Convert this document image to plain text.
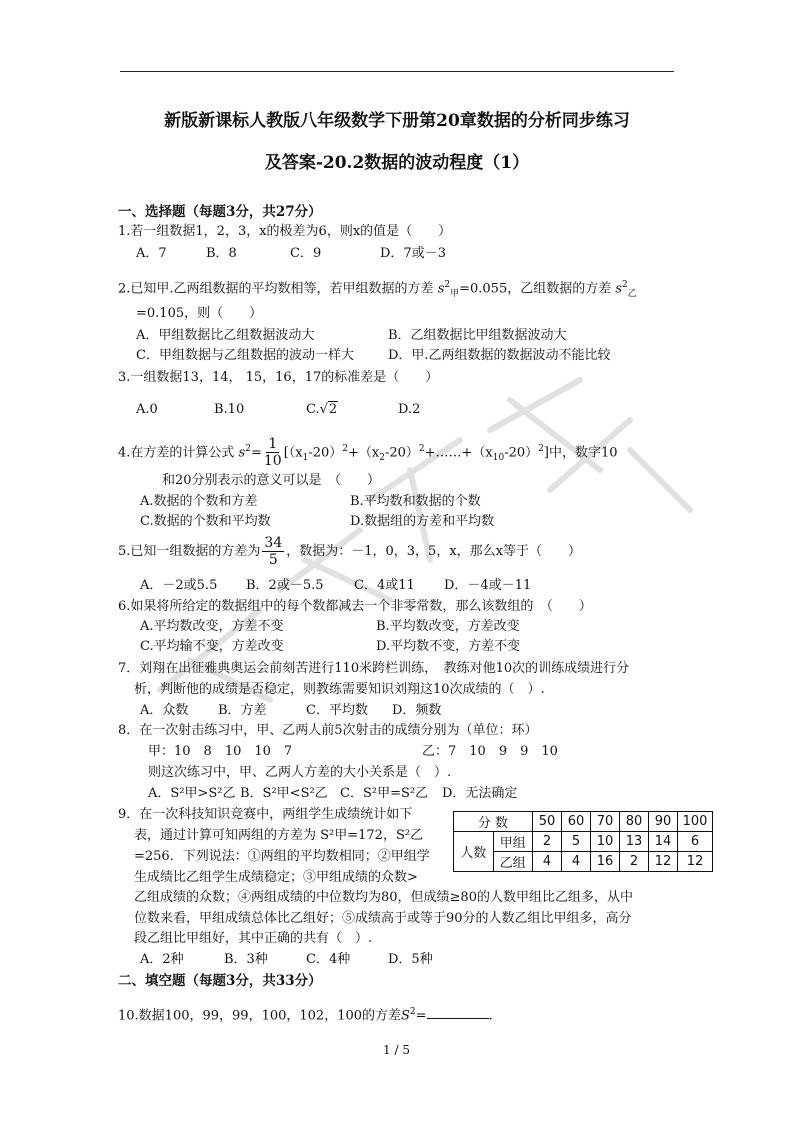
新版新课标人教版八年级数学下册第20章数据的分析同步练习
及答案-20.2数据的波动程度（1）
一、选择题（每题3分，共27分）
1.若一组数据1，2，3，x的极差为6，则x的值是（　　）
A．7	B．8	C．9	D．7或－3
2.已知甲.乙两组数据的平均数相等，若甲组数据的方差 $s^2_甲=0.055$，乙组数据的方差 $s^2_乙$
=0.105，则（　　）
A．甲组数据比乙组数据波动大	B．乙组数据比甲组数据波动大
C．甲组数据与乙组数据的波动一样大	D．甲.乙两组数据的数据波动不能比较
3.一组数据13，14， 15，16，17的标准差是（　　）
A.0	B.10	C.√2	D.2
4.在方差的计算公式 $s^2= \frac{1}{10}$ $[(x_1-20)^2+(x_2-20)^2+\dots\dots+(x_{10}-20)^2]$中，数字10
和20分别表示的意义可以是　（　　）
A.数据的个数和方差	B.平均数和数据的个数
C.数据的个数和平均数	D.数据组的方差和平均数
5.已知一组数据的方差为 $\frac{34}{5}$ ，数据为：－1，0，3，5，x，那么x等于（　　）
A．－2或5.5 B．2或－5.5 C．4或11 D．－4或－11
6.如果将所给定的数据组中的每个数都减去一个非零常数，那么该数组的　（　　）
A.平均数改变，方差不变	B.平均数改变，方差改变
C.平均输不变，方差改变	D.平均数不变，方差不变
7．刘翔在出征雅典奥运会前刻苦进行110米跨栏训练，　教练对他10次的训练成绩进行分
析，判断他的成绩是否稳定，则教练需要知识刘翔这10次成绩的（　）.
A．众数 B．方差	C．平均数 D．频数
8．在一次射击练习中，甲、乙两人前5次射击的成绩分别为（单位：环）
甲：10　8　10　10　7	乙：7　10　9　9　10
则这次练习中，甲、乙两人方差的大小关系是（　）.
A．S²甲>S²乙 B．S²甲<S²乙 C．S²甲=S²乙 D．无法确定
9．在一次科技知识竞赛中，两组学生成绩统计如下
表，通过计算可知两组的方差为 S²甲=172，S²乙
=256．下列说法：①两组的平均数相同；②甲组学
生成绩比乙组学生成绩稳定；③甲组成绩的众数>
乙组成绩的众数；④两组成绩的中位数均为80，但成绩≥80的人数甲组比乙组多，从中
位数来看，甲组成绩总体比乙组好；⑤成绩高于或等于90分的人数乙组比甲组多，高分
段乙组比甲组好，其中正确的共有（　）.
A．2种	B．3种	C．4种	D．5种
分 数		50	60	70	80	90	100
人数	甲组	2	5	10	13	14	6
	乙组	4	4	16	2	12	12
二、填空题（每题3分，共33分）
10.数据100，99，99，100，102，100的方差$S^2=$	.
1 / 5
